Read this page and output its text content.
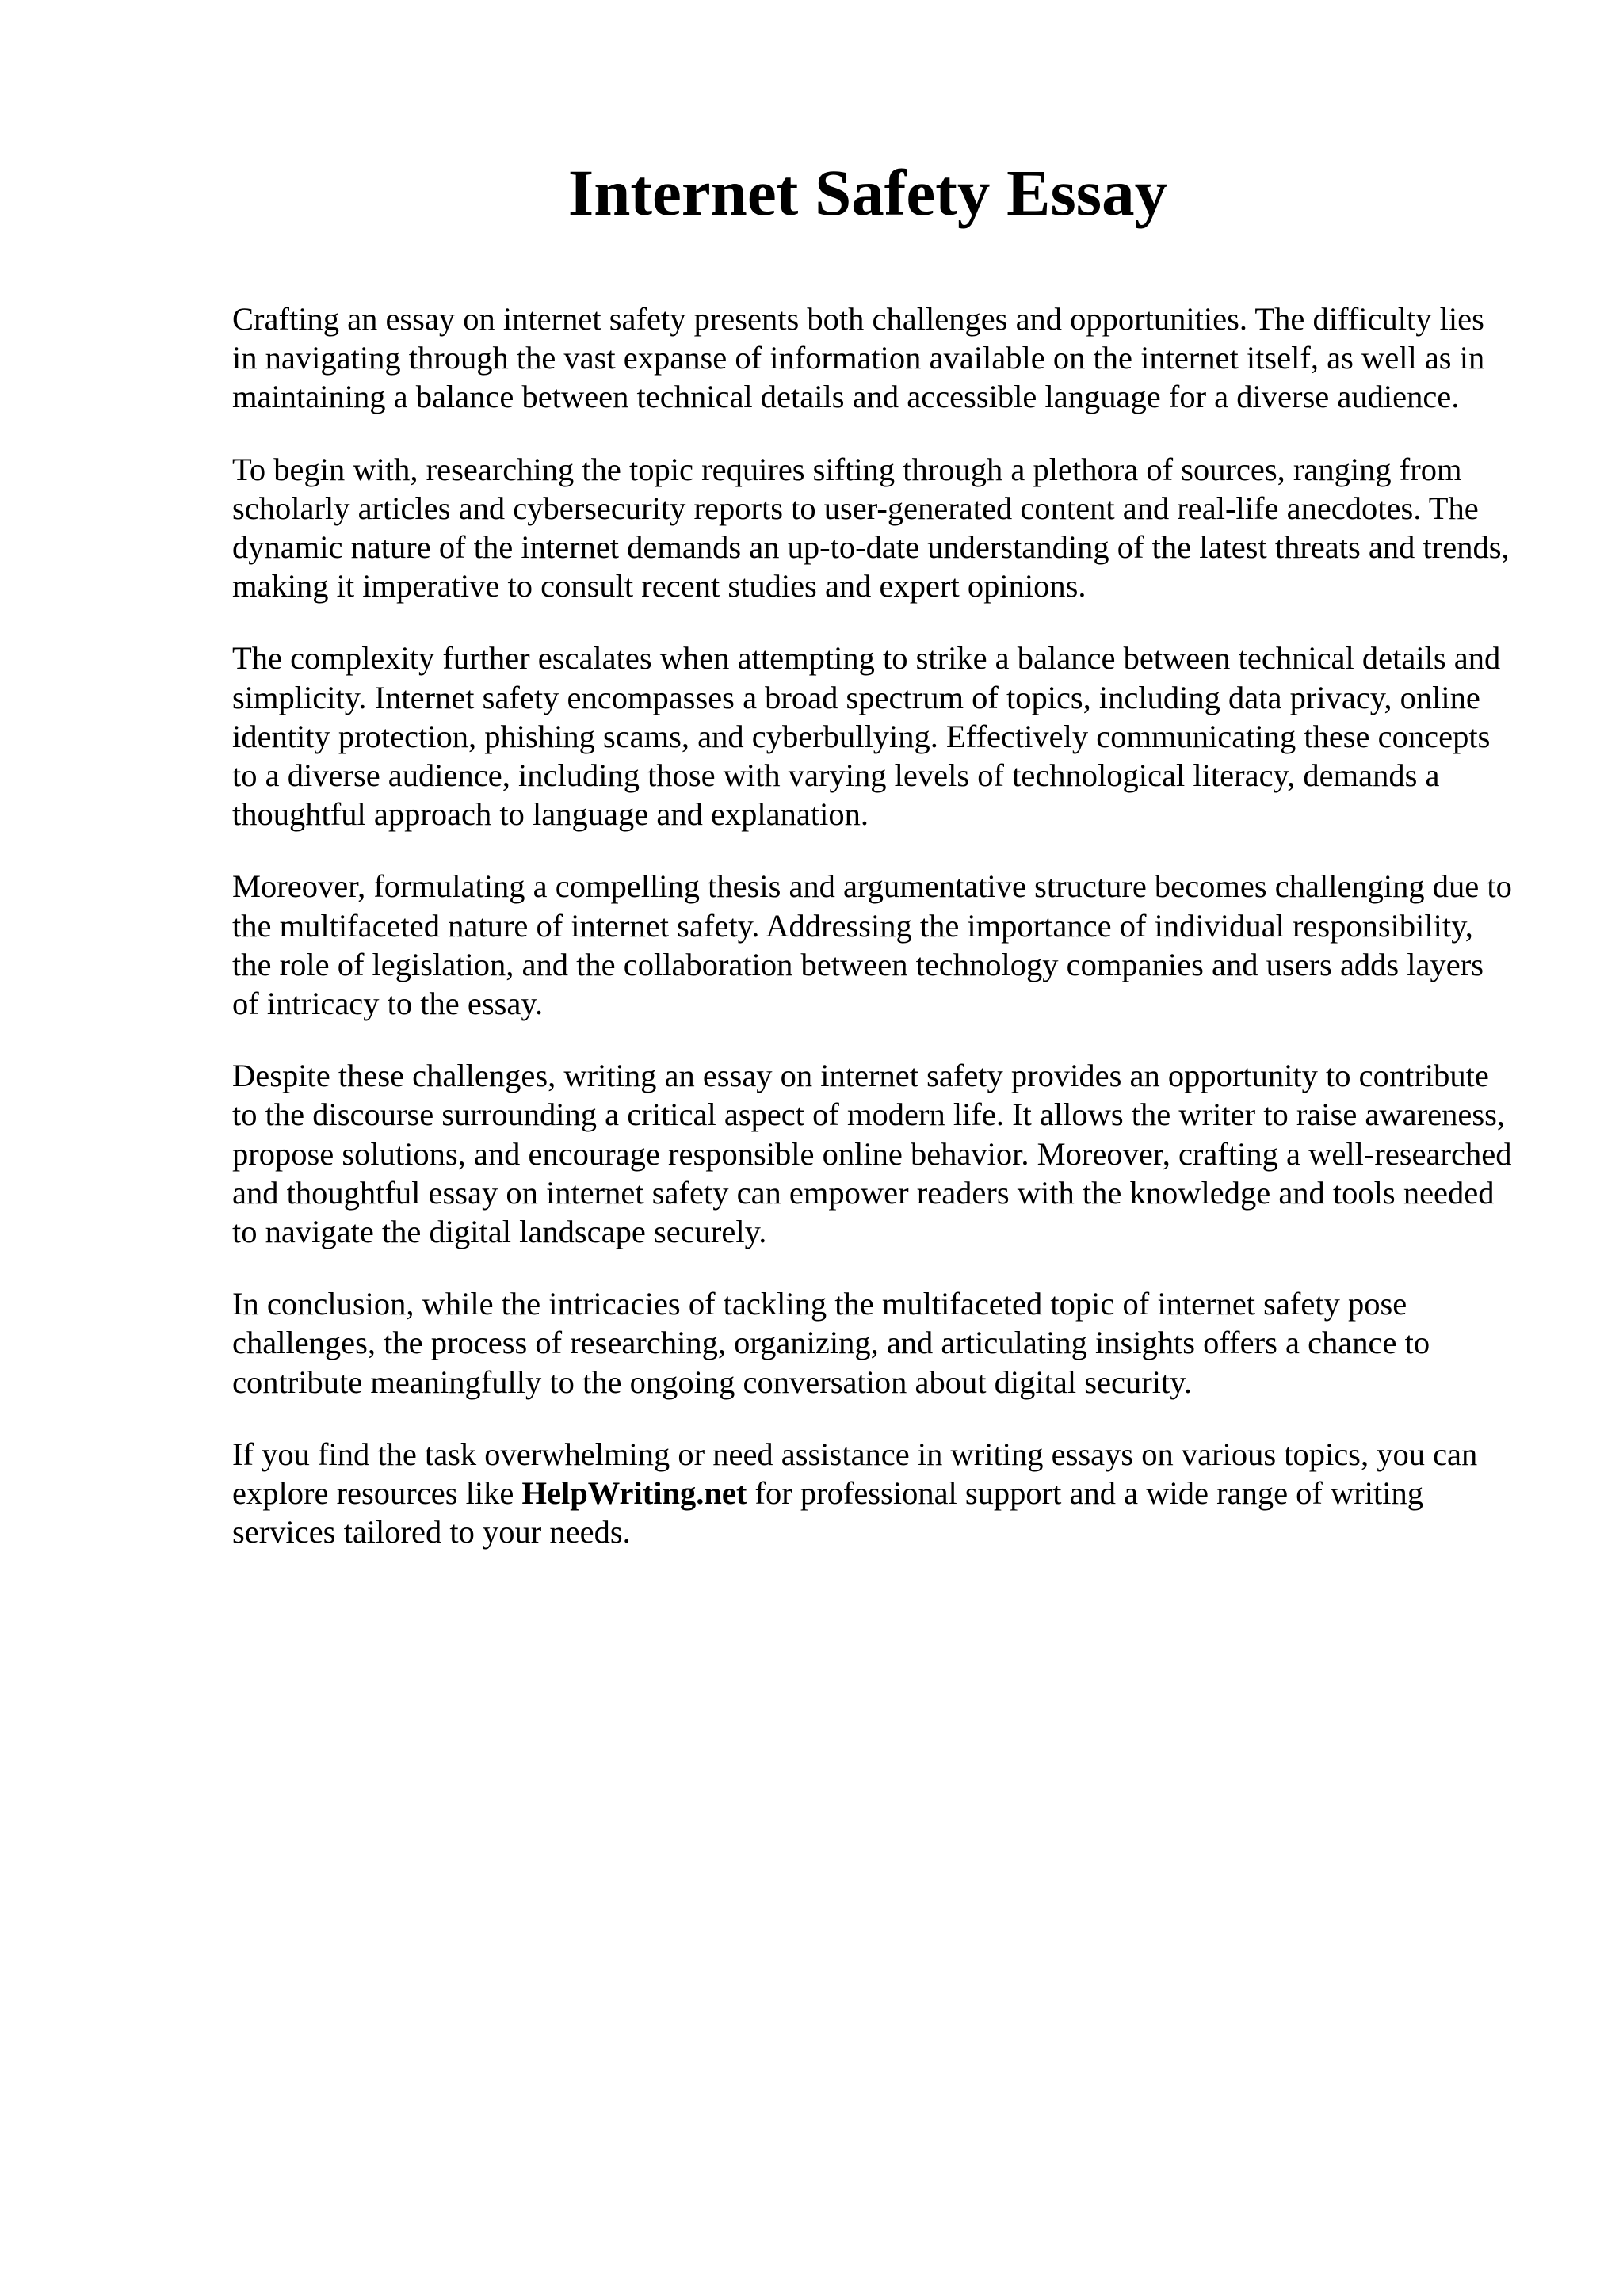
Internet Safety Essay

Crafting an essay on internet safety presents both challenges and opportunities. The difficulty lies in navigating through the vast expanse of information available on the internet itself, as well as in maintaining a balance between technical details and accessible language for a diverse audience.

To begin with, researching the topic requires sifting through a plethora of sources, ranging from scholarly articles and cybersecurity reports to user-generated content and real-life anecdotes. The dynamic nature of the internet demands an up-to-date understanding of the latest threats and trends, making it imperative to consult recent studies and expert opinions.

The complexity further escalates when attempting to strike a balance between technical details and simplicity. Internet safety encompasses a broad spectrum of topics, including data privacy, online identity protection, phishing scams, and cyberbullying. Effectively communicating these concepts to a diverse audience, including those with varying levels of technological literacy, demands a thoughtful approach to language and explanation.

Moreover, formulating a compelling thesis and argumentative structure becomes challenging due to the multifaceted nature of internet safety. Addressing the importance of individual responsibility, the role of legislation, and the collaboration between technology companies and users adds layers of intricacy to the essay.

Despite these challenges, writing an essay on internet safety provides an opportunity to contribute to the discourse surrounding a critical aspect of modern life. It allows the writer to raise awareness, propose solutions, and encourage responsible online behavior. Moreover, crafting a well-researched and thoughtful essay on internet safety can empower readers with the knowledge and tools needed to navigate the digital landscape securely.

In conclusion, while the intricacies of tackling the multifaceted topic of internet safety pose challenges, the process of researching, organizing, and articulating insights offers a chance to contribute meaningfully to the ongoing conversation about digital security.

If you find the task overwhelming or need assistance in writing essays on various topics, you can explore resources like HelpWriting.net for professional support and a wide range of writing services tailored to your needs.
